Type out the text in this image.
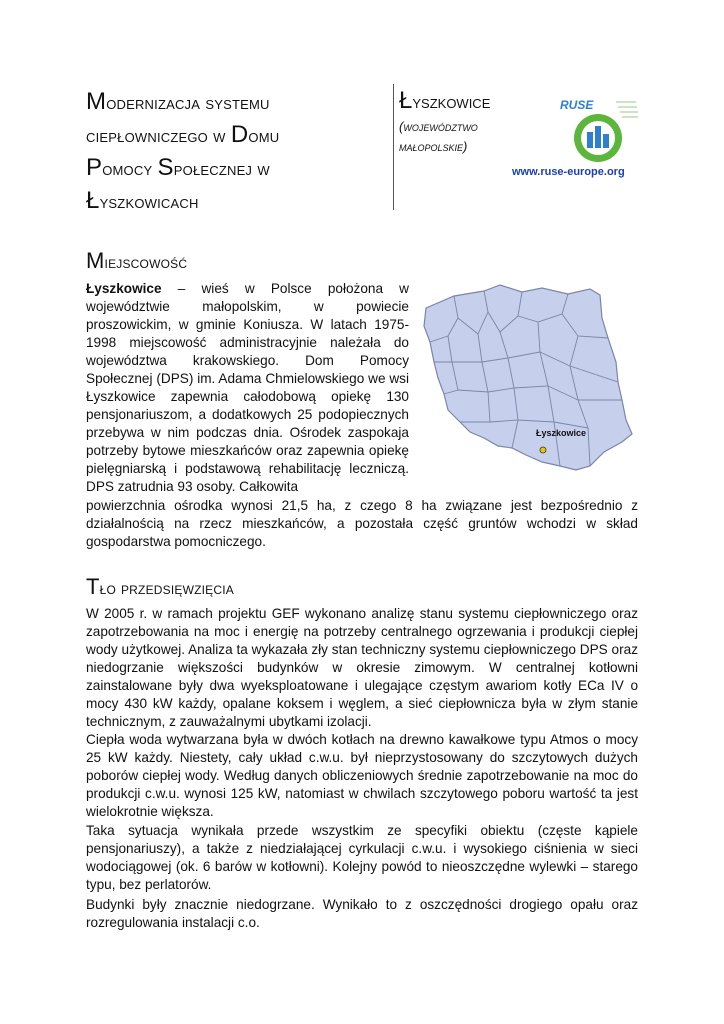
Modernizacja systemu
ciepłowniczego w Domu
Pomocy Społecznej w
Łyszkowicach
Łyszkowice
(województwo
małopolskie)
RUSE
www.ruse-europe.org
Miejscowość

Łyszkowice – wieś w Polsce położona w województwie małopolskim, w powiecie proszowickim, w gminie Koniusza. W latach 1975-1998 miejscowość administracyjnie należała do województwa krakowskiego. Dom Pomocy Społecznej (DPS) im. Adama Chmielowskiego we wsi Łyszkowice zapewnia całodobową opiekę 130 pensjonariuszom, a dodatkowych 25 podopiecznych przebywa w nim podczas dnia. Ośrodek zaspokaja potrzeby bytowe mieszkańców oraz zapewnia opiekę pielęgniarską i podstawową rehabilitację leczniczą. DPS zatrudnia 93 osoby. Całkowita

powierzchnia ośrodka wynosi 21,5 ha, z czego 8 ha związane jest bezpośrednio z działalnością na rzecz mieszkańców, a pozostała część gruntów wchodzi w skład gospodarstwa pomocniczego.

Łyszkowice
Tło przedsięwzięcia

W 2005 r. w ramach projektu GEF wykonano analizę stanu systemu ciepłowniczego oraz zapotrzebowania na moc i energię na potrzeby centralnego ogrzewania i produkcji ciepłej wody użytkowej. Analiza ta wykazała zły stan techniczny systemu ciepłowniczego DPS oraz niedogrzanie większości budynków w okresie zimowym. W centralnej kotłowni zainstalowane były dwa wyeksploatowane i ulegające częstym awariom kotły ECa IV o mocy 430 kW każdy, opalane koksem i węglem, a sieć ciepłownicza była w złym stanie technicznym, z zauważalnymi ubytkami izolacji.

Ciepła woda wytwarzana była w dwóch kotłach na drewno kawałkowe typu Atmos o mocy 25 kW każdy. Niestety, cały układ c.w.u. był nieprzystosowany do szczytowych dużych poborów ciepłej wody. Według danych obliczeniowych średnie zapotrzebowanie na moc do produkcji c.w.u. wynosi 125 kW, natomiast w chwilach szczytowego poboru wartość ta jest wielokrotnie większa.

Taka sytuacja wynikała przede wszystkim ze specyfiki obiektu (częste kąpiele pensjonariuszy), a także z niedziałającej cyrkulacji c.w.u. i wysokiego ciśnienia w sieci wodociągowej (ok. 6 barów w kotłowni). Kolejny powód to nieoszczędne wylewki – starego typu, bez perlatorów.

Budynki były znacznie niedogrzane. Wynikało to z oszczędności drogiego opału oraz rozregulowania instalacji c.o.
